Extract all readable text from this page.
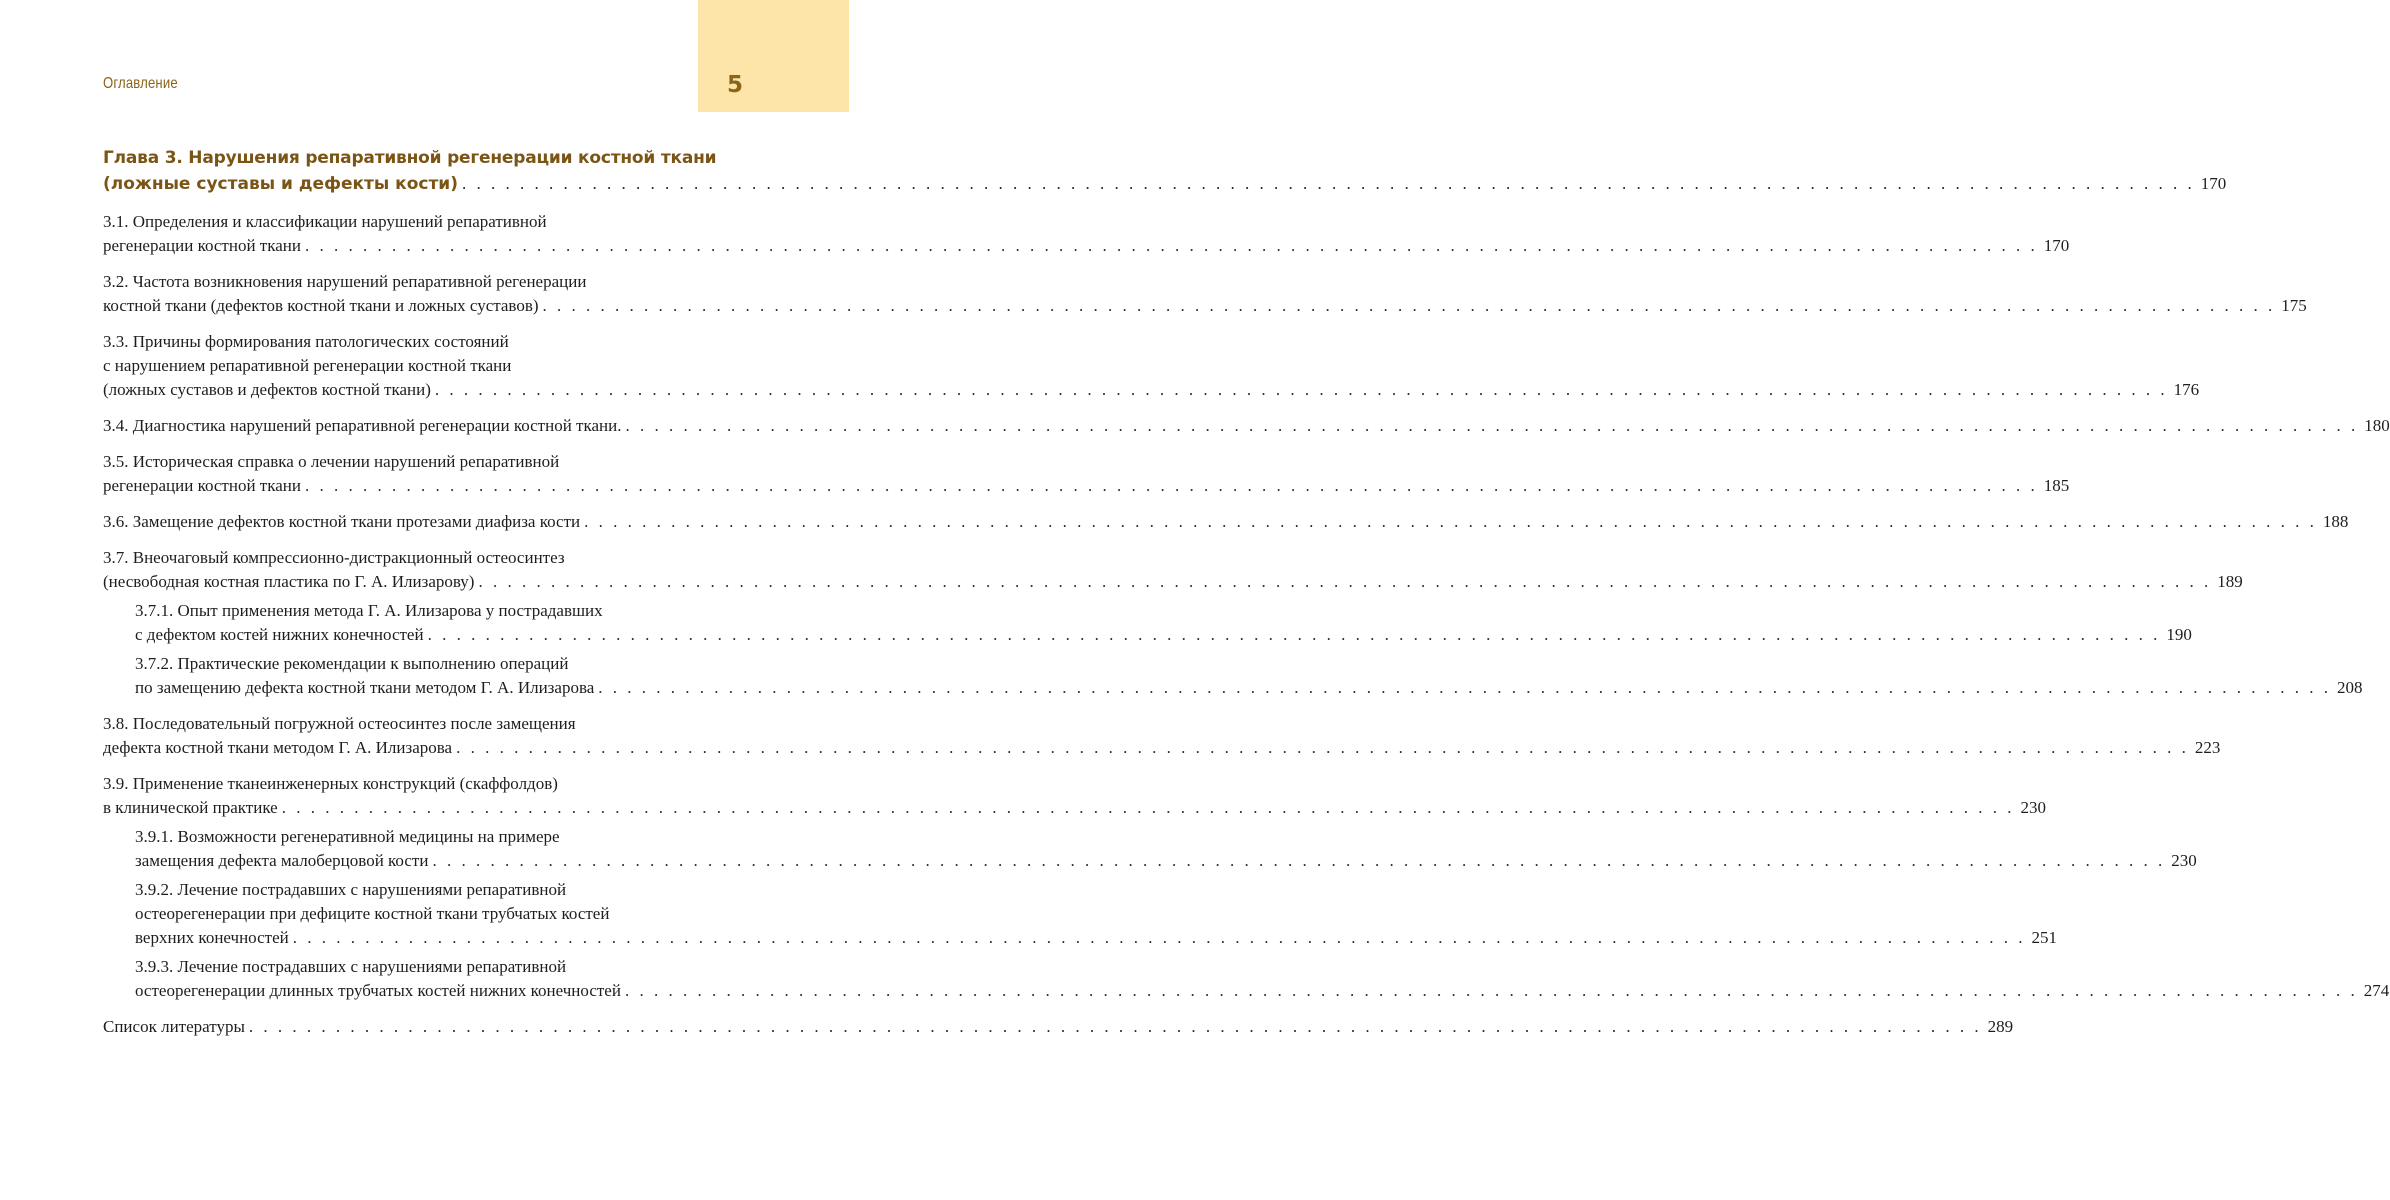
5
Оглавление
Глава 3. Нарушения репаративной регенерации костной ткани
(ложные суставы и дефекты кости) . . . . . . . . . . . . . . . . . . . . . . . . . . . . . . . . . . . . . . . . . . . . . . . . . . . . . . . . . . . . . . . . . . . . . . . . . . . . . . . . . . . . . . . . . . . . . . . . . . . . . . . . . . . . . . . . . . . . . . . . 170
3.1. Определения и классификации нарушений репаративной
регенерации костной ткани . . . . . . . . . . . . . . . . . . . . . . . . . . . . . . . . . . . . . . . . . . . . . . . . . . . . . . . . . . . . . . . . . . . . . . . . . . . . . . . . . . . . . . . . . . . . . . . . . . . . . . . . . . . . . . . . . . . . . . . . 170
3.2. Частота возникновения нарушений репаративной регенерации
костной ткани (дефектов костной ткани и ложных суставов) . . . . . . . . . . . . . . . . . . . . . . . . . . . . . . . . . . . . . . . . . . . . . . . . . . . . . . . . . . . . . . . . . . . . . . . . . . . . . . . . . . . . . . . . . . . . . . . . . . . . . . . . . . . . . . . . . . . . . . . . 175
3.3. Причины формирования патологических состояний
с нарушением репаративной регенерации костной ткани
(ложных суставов и дефектов костной ткани) . . . . . . . . . . . . . . . . . . . . . . . . . . . . . . . . . . . . . . . . . . . . . . . . . . . . . . . . . . . . . . . . . . . . . . . . . . . . . . . . . . . . . . . . . . . . . . . . . . . . . . . . . . . . . . . . . . . . . . . . 176
3.4. Диагностика нарушений репаративной регенерации костной ткани. . . . . . . . . . . . . . . . . . . . . . . . . . . . . . . . . . . . . . . . . . . . . . . . . . . . . . . . . . . . . . . . . . . . . . . . . . . . . . . . . . . . . . . . . . . . . . . . . . . . . . . . . . . . . . . . . . . . . . . . . 180
3.5. Историческая справка о лечении нарушений репаративной
регенерации костной ткани . . . . . . . . . . . . . . . . . . . . . . . . . . . . . . . . . . . . . . . . . . . . . . . . . . . . . . . . . . . . . . . . . . . . . . . . . . . . . . . . . . . . . . . . . . . . . . . . . . . . . . . . . . . . . . . . . . . . . . . . 185
3.6. Замещение дефектов костной ткани протезами диафиза кости . . . . . . . . . . . . . . . . . . . . . . . . . . . . . . . . . . . . . . . . . . . . . . . . . . . . . . . . . . . . . . . . . . . . . . . . . . . . . . . . . . . . . . . . . . . . . . . . . . . . . . . . . . . . . . . . . . . . . . . . 188
3.7. Внеочаговый компрессионно-дистракционный остеосинтез
(несвободная костная пластика по Г. А. Илизарову) . . . . . . . . . . . . . . . . . . . . . . . . . . . . . . . . . . . . . . . . . . . . . . . . . . . . . . . . . . . . . . . . . . . . . . . . . . . . . . . . . . . . . . . . . . . . . . . . . . . . . . . . . . . . . . . . . . . . . . . . 189
3.7.1. Опыт применения метода Г. А. Илизарова у пострадавших
с дефектом костей нижних конечностей . . . . . . . . . . . . . . . . . . . . . . . . . . . . . . . . . . . . . . . . . . . . . . . . . . . . . . . . . . . . . . . . . . . . . . . . . . . . . . . . . . . . . . . . . . . . . . . . . . . . . . . . . . . . . . . . . . . . . . . . 190
3.7.2. Практические рекомендации к выполнению операций
по замещению дефекта костной ткани методом Г. А. Илизарова . . . . . . . . . . . . . . . . . . . . . . . . . . . . . . . . . . . . . . . . . . . . . . . . . . . . . . . . . . . . . . . . . . . . . . . . . . . . . . . . . . . . . . . . . . . . . . . . . . . . . . . . . . . . . . . . . . . . . . . . 208
3.8. Последовательный погружной остеосинтез после замещения
дефекта костной ткани методом Г. А. Илизарова . . . . . . . . . . . . . . . . . . . . . . . . . . . . . . . . . . . . . . . . . . . . . . . . . . . . . . . . . . . . . . . . . . . . . . . . . . . . . . . . . . . . . . . . . . . . . . . . . . . . . . . . . . . . . . . . . . . . . . . . 223
3.9. Применение тканеинженерных конструкций (скаффолдов)
в клинической практике . . . . . . . . . . . . . . . . . . . . . . . . . . . . . . . . . . . . . . . . . . . . . . . . . . . . . . . . . . . . . . . . . . . . . . . . . . . . . . . . . . . . . . . . . . . . . . . . . . . . . . . . . . . . . . . . . . . . . . . . 230
3.9.1. Возможности регенеративной медицины на примере
замещения дефекта малоберцовой кости . . . . . . . . . . . . . . . . . . . . . . . . . . . . . . . . . . . . . . . . . . . . . . . . . . . . . . . . . . . . . . . . . . . . . . . . . . . . . . . . . . . . . . . . . . . . . . . . . . . . . . . . . . . . . . . . . . . . . . . . 230
3.9.2. Лечение пострадавших с нарушениями репаративной
остеорегенерации при дефиците костной ткани трубчатых костей
верхних конечностей . . . . . . . . . . . . . . . . . . . . . . . . . . . . . . . . . . . . . . . . . . . . . . . . . . . . . . . . . . . . . . . . . . . . . . . . . . . . . . . . . . . . . . . . . . . . . . . . . . . . . . . . . . . . . . . . . . . . . . . . 251
3.9.3. Лечение пострадавших с нарушениями репаративной
остеорегенерации длинных трубчатых костей нижних конечностей . . . . . . . . . . . . . . . . . . . . . . . . . . . . . . . . . . . . . . . . . . . . . . . . . . . . . . . . . . . . . . . . . . . . . . . . . . . . . . . . . . . . . . . . . . . . . . . . . . . . . . . . . . . . . . . . . . . . . . . . 274
Список литературы . . . . . . . . . . . . . . . . . . . . . . . . . . . . . . . . . . . . . . . . . . . . . . . . . . . . . . . . . . . . . . . . . . . . . . . . . . . . . . . . . . . . . . . . . . . . . . . . . . . . . . . . . . . . . . . . . . . . . . . . 289
